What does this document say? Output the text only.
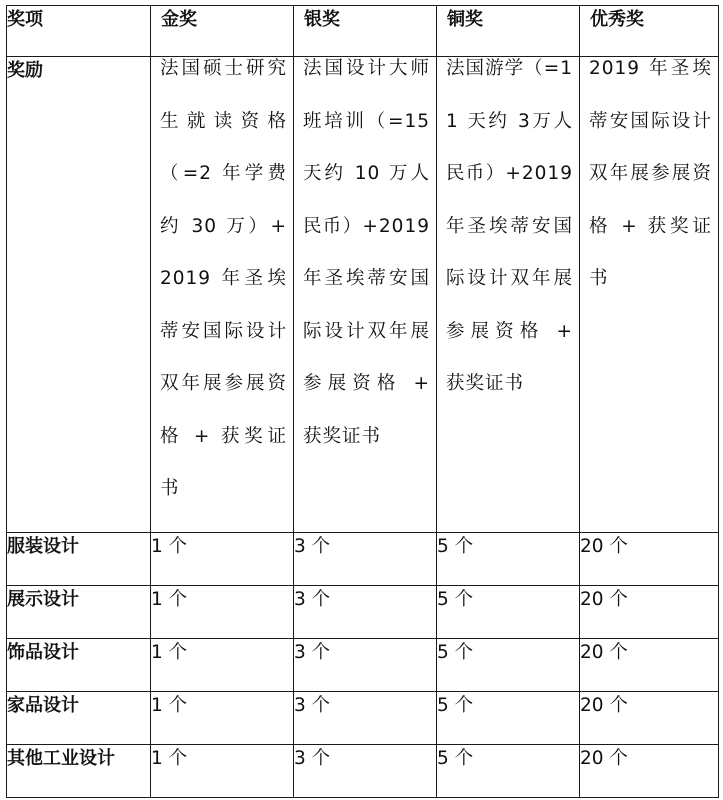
奖项	金奖	银奖	铜奖	优秀奖
奖励	法国硕士研究生就读资格（=2 年学费约 30 万）+2019 年圣埃蒂安国际设计双年展参展资格 + 获奖证书	法国设计大师班培训（=15天约 10 万人民币）+2019年圣埃蒂安国际设计双年展参展资格 + 获奖证书	法国游学（=11 天约 3万人民币）+2019 年圣埃蒂安国际设计双年展参展资格 + 获奖证书	2019 年圣埃蒂安国际设计双年展参展资格 + 获奖证书

服装设计	1 个	3 个	5 个	20 个
展示设计	1 个	3 个	5 个	20 个
饰品设计	1 个	3 个	5 个	20 个
家品设计	1 个	3 个	5 个	20 个
其他工业设计	1 个	3 个	5 个	20 个
